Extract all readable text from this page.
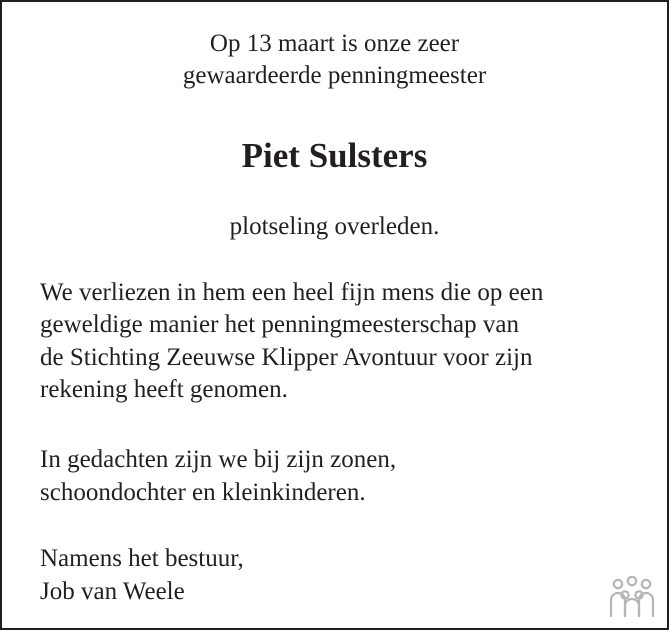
Op 13 maart is onze zeer
gewaardeerde penningmeester
Piet Sulsters
plotseling overleden.
We verliezen in hem een heel fijn mens die op een
geweldige manier het penningmeesterschap van
de Stichting Zeeuwse Klipper Avontuur voor zijn
rekening heeft genomen.
In gedachten zijn we bij zijn zonen,
schoondochter en kleinkinderen.
Namens het bestuur,
Job van Weele
